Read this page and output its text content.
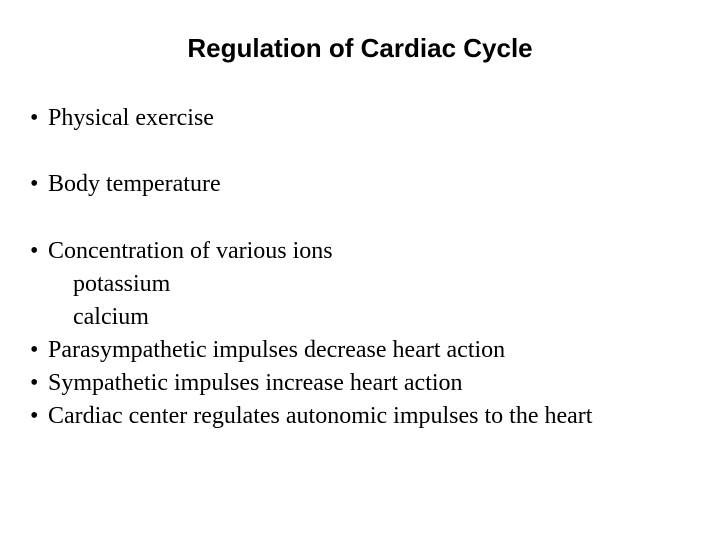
Regulation of Cardiac Cycle
• Physical exercise
• Body temperature
• Concentration of various ions
potassium
calcium
• Parasympathetic impulses decrease heart action
• Sympathetic impulses increase heart action
• Cardiac center regulates autonomic impulses to the heart
